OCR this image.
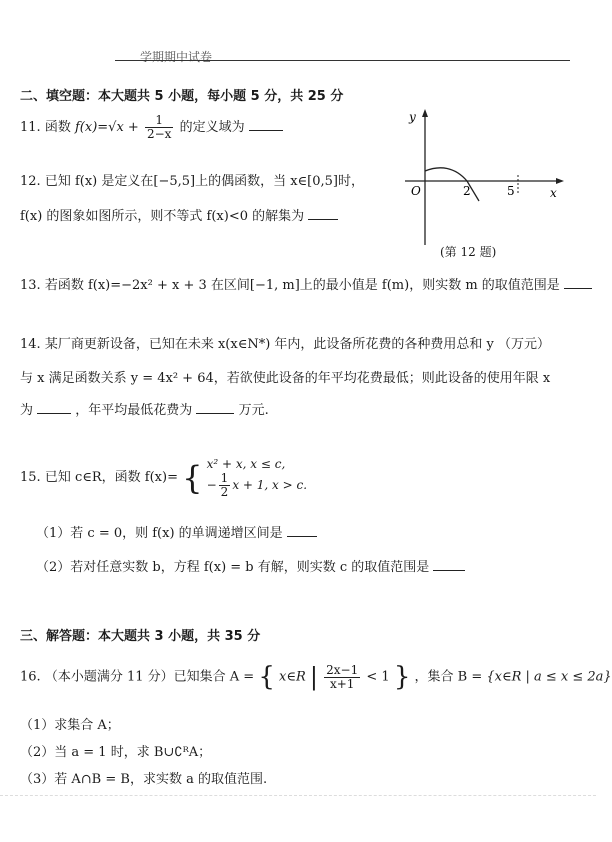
学期期中试卷
二、填空题：本大题共 5 小题，每小题 5 分，共 25 分
11. 函数 $f(x)=√x + \frac{1}{2-x}$ 的定义域为
12. 已知 f(x) 是定义在[−5,5]上的偶函数，当 x∈[0,5]时，
f(x) 的图象如图所示，则不等式 f(x)<0 的解集为
y
x
O	2	5
(第 12 题)
13. 若函数 f(x)=−2x² + x + 3 在区间[−1, m]上的最小值是 f(m)，则实数 m 的取值范围是
14. 某厂商更新设备，已知在未来 x(x∈N*) 年内，此设备所花费的各种费用总和 y （万元）
与 x 满足函数关系 y = 4x² + 64，若欲使此设备的年平均花费最低；则此设备的使用年限 x
为	，年平均最低花费为	万元.
15. 已知 c∈R，函数 f(x)= { x² + x, x ≤ c,
− $\frac{1}{2}$ x + 1, x > c.
（1）若 c = 0，则 f(x) 的单调递增区间是
（2）若对任意实数 b，方程 f(x) = b 有解，则实数 c 的取值范围是
三、解答题：本大题共 3 小题，共 35 分
16. （本小题满分 11 分）已知集合 A = { x∈R | $\frac{2x-1}{x+1} < 1$ } ，集合 B = {x∈R | a ≤ x ≤ 2a}
（1）求集合 A；
（2）当 a = 1 时，求 B∪∁ᴿA；
（3）若 A∩B = B，求实数 a 的取值范围.
